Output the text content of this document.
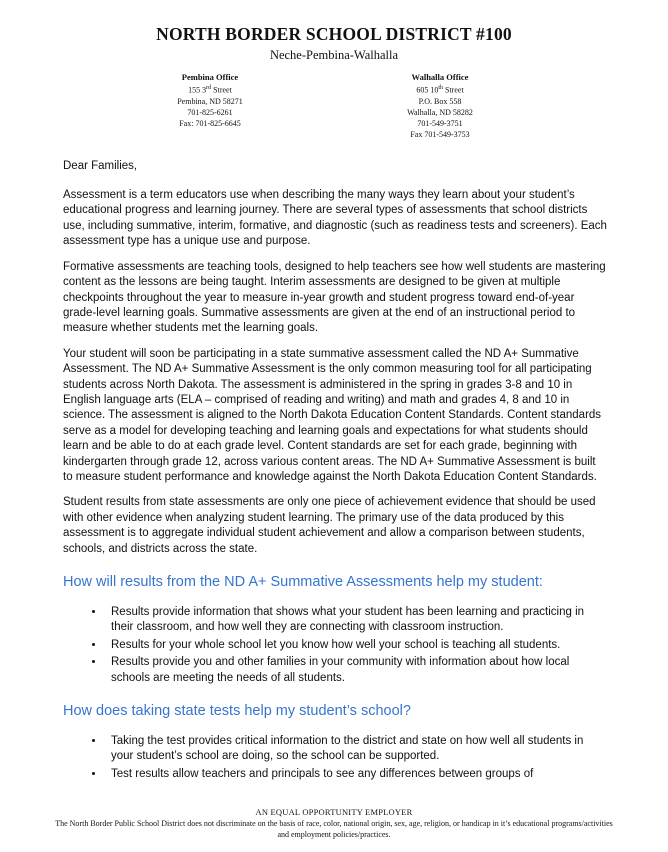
NORTH BORDER SCHOOL DISTRICT #100
Neche-Pembina-Walhalla
Pembina Office
155 3rd Street
Pembina, ND 58271
701-825-6261
Fax: 701-825-6645
Walhalla Office
605 10th Street
P.O. Box 558
Walhalla, ND 58282
701-549-3751
Fax 701-549-3753

Dear Families,

Assessment is a term educators use when describing the many ways they learn about your student’s educational progress and learning journey. There are several types of assessments that school districts use, including summative, interim, formative, and diagnostic (such as readiness tests and screeners). Each assessment type has a unique use and purpose.

Formative assessments are teaching tools, designed to help teachers see how well students are mastering content as the lessons are being taught. Interim assessments are designed to be given at multiple checkpoints throughout the year to measure in-year growth and student progress toward end-of-year grade-level learning goals. Summative assessments are given at the end of an instructional period to measure whether students met the learning goals.

Your student will soon be participating in a state summative assessment called the ND A+ Summative Assessment. The ND A+ Summative Assessment is the only common measuring tool for all participating students across North Dakota. The assessment is administered in the spring in grades 3-8 and 10 in English language arts (ELA – comprised of reading and writing) and math and grades 4, 8 and 10 in science. The assessment is aligned to the North Dakota Education Content Standards. Content standards serve as a model for developing teaching and learning goals and expectations for what students should learn and be able to do at each grade level. Content standards are set for each grade, beginning with kindergarten through grade 12, across various content areas. The ND A+ Summative Assessment is built to measure student performance and knowledge against the North Dakota Education Content Standards.

Student results from state assessments are only one piece of achievement evidence that should be used with other evidence when analyzing student learning. The primary use of the data produced by this assessment is to aggregate individual student achievement and allow a comparison between students, schools, and districts across the state.

How will results from the ND A+ Summative Assessments help my student:
• Results provide information that shows what your student has been learning and practicing in their classroom, and how well they are connecting with classroom instruction.
• Results for your whole school let you know how well your school is teaching all students.
• Results provide you and other families in your community with information about how local schools are meeting the needs of all students.
How does taking state tests help my student’s school?
• Taking the test provides critical information to the district and state on how well all students in your student’s school are doing, so the school can be supported.
• Test results allow teachers and principals to see any differences between groups of
AN EQUAL OPPORTUNITY EMPLOYER
The North Border Public School District does not discriminate on the basis of race, color, national origin, sex, age, religion, or handicap in it’s educational programs/activities and employment policies/practices.
